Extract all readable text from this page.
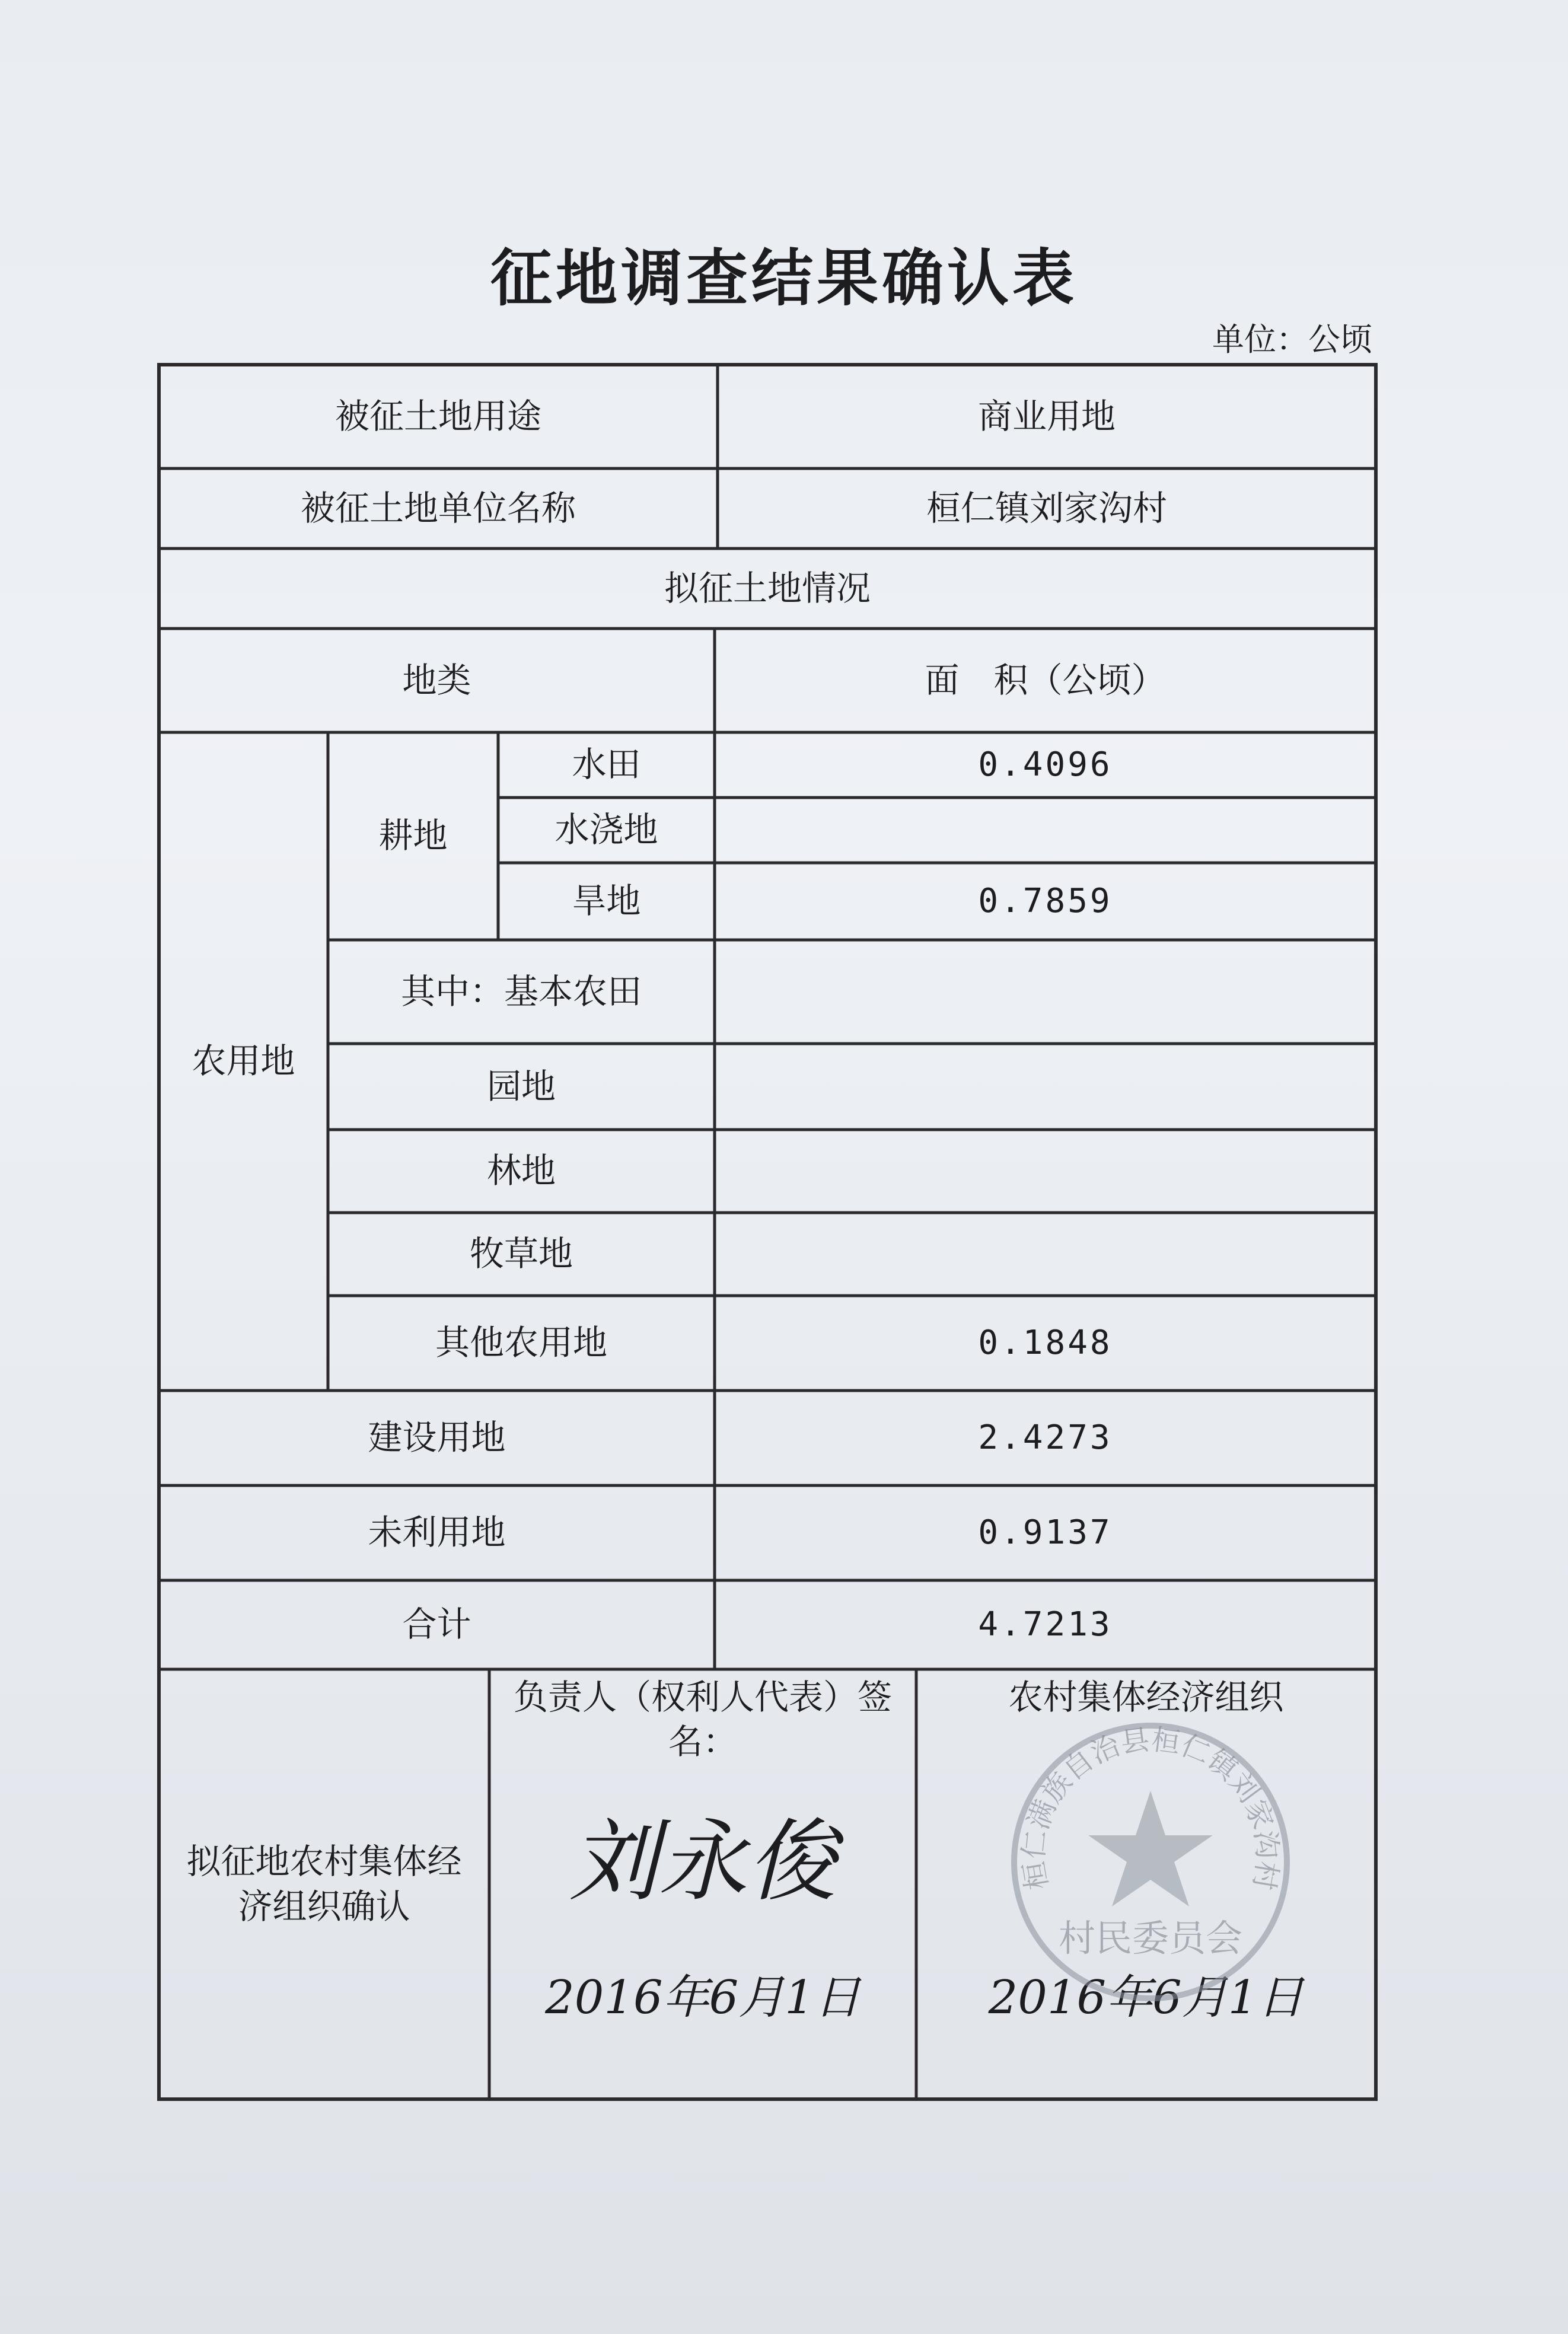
征地调查结果确认表
单位：公顷
被征土地用途	商业用地
被征土地单位名称	桓仁镇刘家沟村
拟征土地情况
地类	面　积（公顷）
农用地
耕地
水田	0.4096
水浇地
旱地	0.7859
其中：基本农田
园地
林地
牧草地
其他农用地	0.1848
建设用地	2.4273
未利用地	0.9137
合计	4.7213
拟征地农村集体经济组织确认
负责人（权利人代表）签名：
刘永俊
2016年6月1日
农村集体经济组织
2016年6月1日
桓仁满族自治县桓仁镇刘家沟村
村民委员会
